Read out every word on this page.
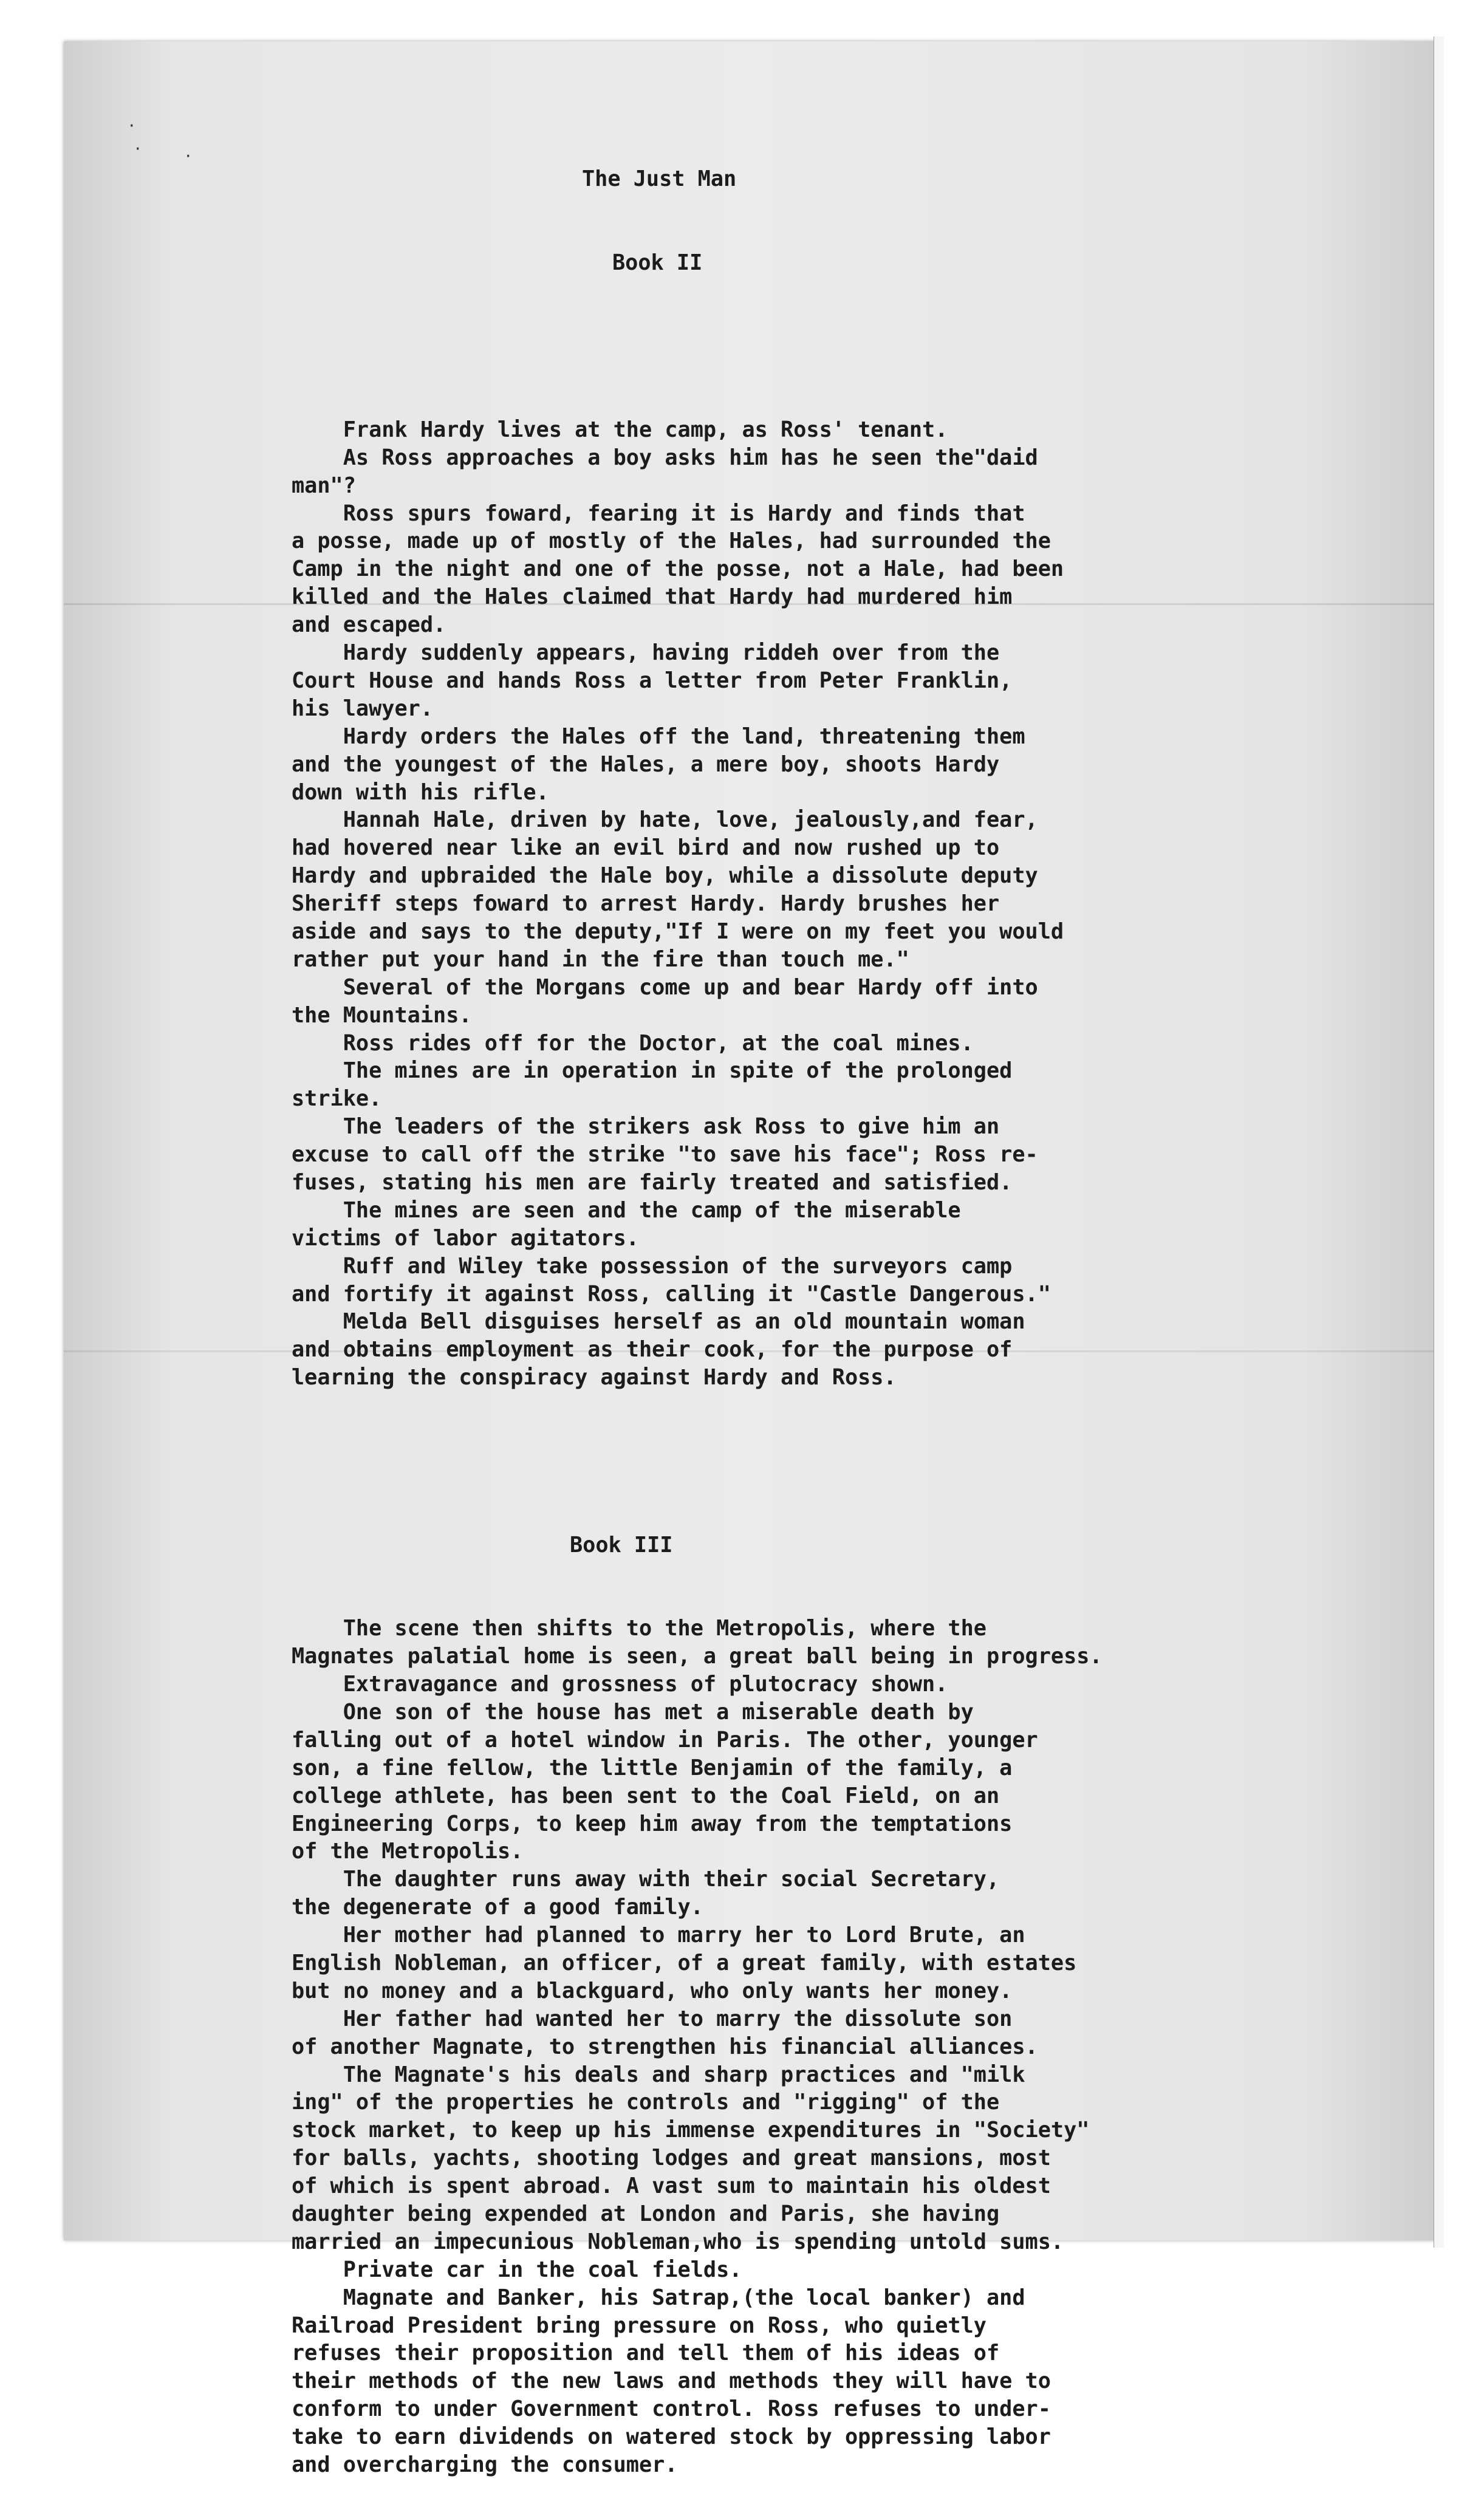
·
· ·

The Just Man

Book II

Frank Hardy lives at the camp, as Ross' tenant.
As Ross approaches a boy asks him has he seen the"daid
man"?
Ross spurs foward, fearing it is Hardy and finds that
a posse, made up of mostly of the Hales, had surrounded the
Camp in the night and one of the posse, not a Hale, had been
killed and the Hales claimed that Hardy had murdered him
and escaped.
Hardy suddenly appears, having riddeh over from the
Court House and hands Ross a letter from Peter Franklin,
his lawyer.
Hardy orders the Hales off the land, threatening them
and the youngest of the Hales, a mere boy, shoots Hardy
down with his rifle.
Hannah Hale, driven by hate, love, jealously,and fear,
had hovered near like an evil bird and now rushed up to
Hardy and upbraided the Hale boy, while a dissolute deputy
Sheriff steps foward to arrest Hardy. Hardy brushes her
aside and says to the deputy,"If I were on my feet you would
rather put your hand in the fire than touch me."
Several of the Morgans come up and bear Hardy off into
the Mountains.
Ross rides off for the Doctor, at the coal mines.
The mines are in operation in spite of the prolonged
strike.
The leaders of the strikers ask Ross to give him an
excuse to call off the strike "to save his face"; Ross re-
fuses, stating his men are fairly treated and satisfied.
The mines are seen and the camp of the miserable
victims of labor agitators.
Ruff and Wiley take possession of the surveyors camp
and fortify it against Ross, calling it "Castle Dangerous."
Melda Bell disguises herself as an old mountain woman
and obtains employment as their cook, for the purpose of
learning the conspiracy against Hardy and Ross.

Book III

The scene then shifts to the Metropolis, where the
Magnates palatial home is seen, a great ball being in progress.
Extravagance and grossness of plutocracy shown.
One son of the house has met a miserable death by
falling out of a hotel window in Paris. The other, younger
son, a fine fellow, the little Benjamin of the family, a
college athlete, has been sent to the Coal Field, on an
Engineering Corps, to keep him away from the temptations
of the Metropolis.
The daughter runs away with their social Secretary,
the degenerate of a good family.
Her mother had planned to marry her to Lord Brute, an
English Nobleman, an officer, of a great family, with estates
but no money and a blackguard, who only wants her money.
Her father had wanted her to marry the dissolute son
of another Magnate, to strengthen his financial alliances.
The Magnate's his deals and sharp practices and "milk
ing" of the properties he controls and "rigging" of the
stock market, to keep up his immense expenditures in "Society"
for balls, yachts, shooting lodges and great mansions, most
of which is spent abroad. A vast sum to maintain his oldest
daughter being expended at London and Paris, she having
married an impecunious Nobleman,who is spending untold sums.
Private car in the coal fields.
Magnate and Banker, his Satrap,(the local banker) and
Railroad President bring pressure on Ross, who quietly
refuses their proposition and tell them of his ideas of
their methods of the new laws and methods they will have to
conform to under Government control. Ross refuses to under-
take to earn dividends on watered stock by oppressing labor
and overcharging the consumer.
